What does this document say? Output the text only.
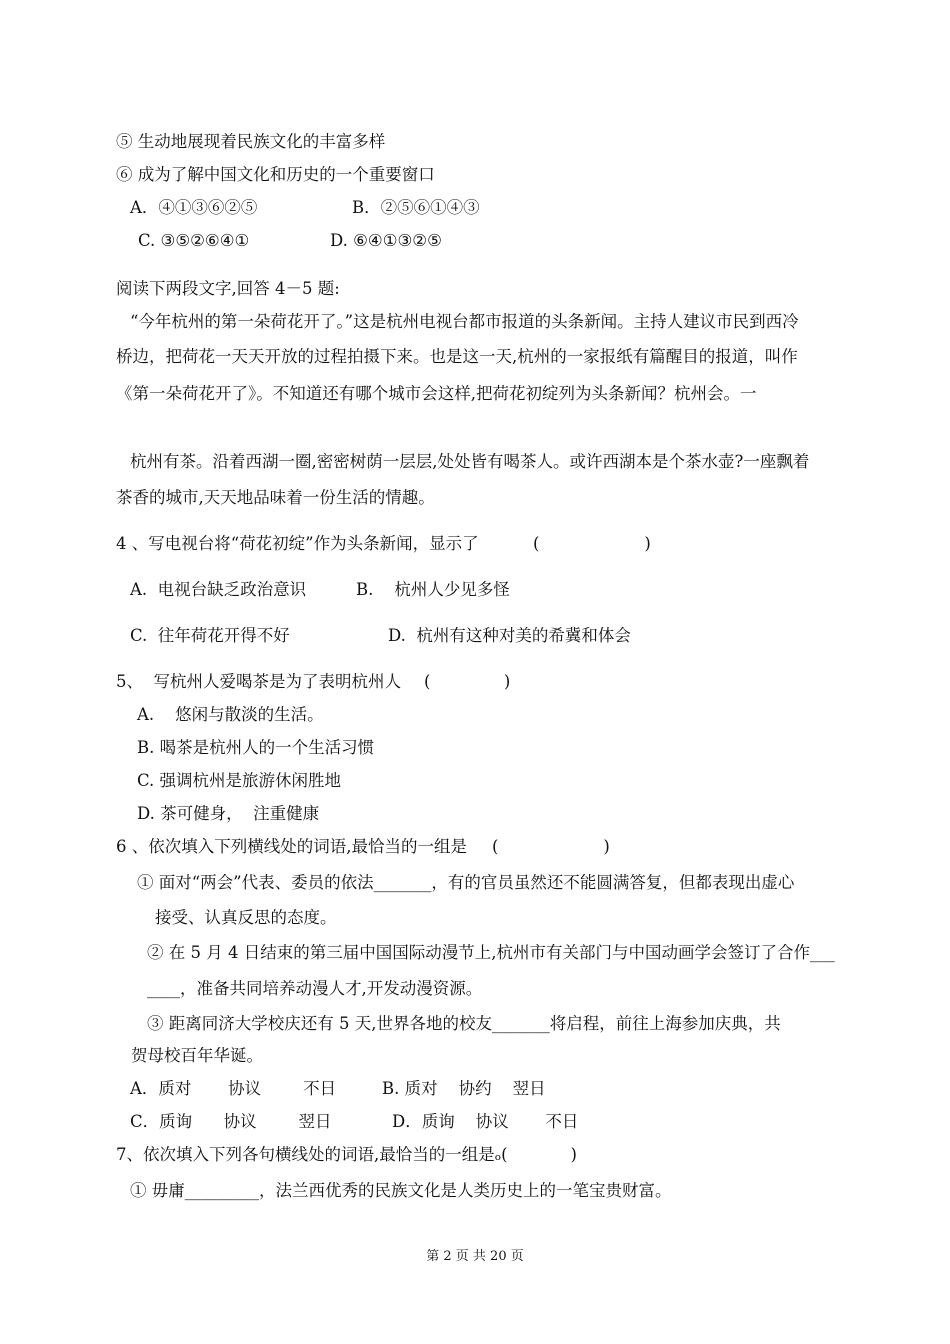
⑤ 生动地展现着民族文化的丰富多样
⑥ 成为了解中国文化和历史的一个重要窗口
A．④①③⑥②⑤	B．②⑤⑥①④③
C. ③⑤②⑥④①	D. ⑥④①③②⑤
阅读下两段文字,回答 4－5 题:
“今年杭州的第一朵荷花开了。”这是杭州电视台都市报道的头条新闻。主持人建议市民到西冷
桥边，把荷花一天天开放的过程拍摄下来。也是这一天,杭州的一家报纸有篇醒目的报道，叫作
《第一朵荷花开了》。不知道还有哪个城市会这样,把荷花初绽列为头条新闻？杭州会。一
杭州有茶。沿着西湖一圈,密密树荫一层层,处处皆有喝茶人。或许西湖本是个茶水壶?一座飘着
茶香的城市,天天地品味着一份生活的情趣。
4 、写电视台将“荷花初绽”作为头条新闻，显示了	(                    )
A.  电视台缺乏政治意识	B.    杭州人少见多怪
C.  往年荷花开得不好	D.  杭州有这种对美的希冀和体会
5、  写杭州人爱喝茶是为了表明杭州人 (              )
A.    悠闲与散淡的生活。
B. 喝茶是杭州人的一个生活习惯
C. 强调杭州是旅游休闲胜地
D. 茶可健身，  注重健康
6 、依次填入下列横线处的词语,最恰当的一组是 (                    )
① 面对“两会”代表、委员的依法_______，有的官员虽然还不能圆满答复，但都表现出虚心
接受、认真反思的态度。
② 在 5 月 4 日结束的第三届中国国际动漫节上,杭州市有关部门与中国动画学会签订了合作___
____，准备共同培养动漫人才,开发动漫资源。
③ 距离同济大学校庆还有 5 天,世界各地的校友_______将启程，前往上海参加庆典，共
贺母校百年华诞。
A．质对       协议        不日	B. 质对    协约    翌日
C．质询      协议        翌日	D．质询    协议       不日
7、依次填入下列各句横线处的词语,最恰当的一组是ₒ(            )
① 毋庸_________，法兰西优秀的民族文化是人类历史上的一笔宝贵财富。
第 2 页 共 20 页
